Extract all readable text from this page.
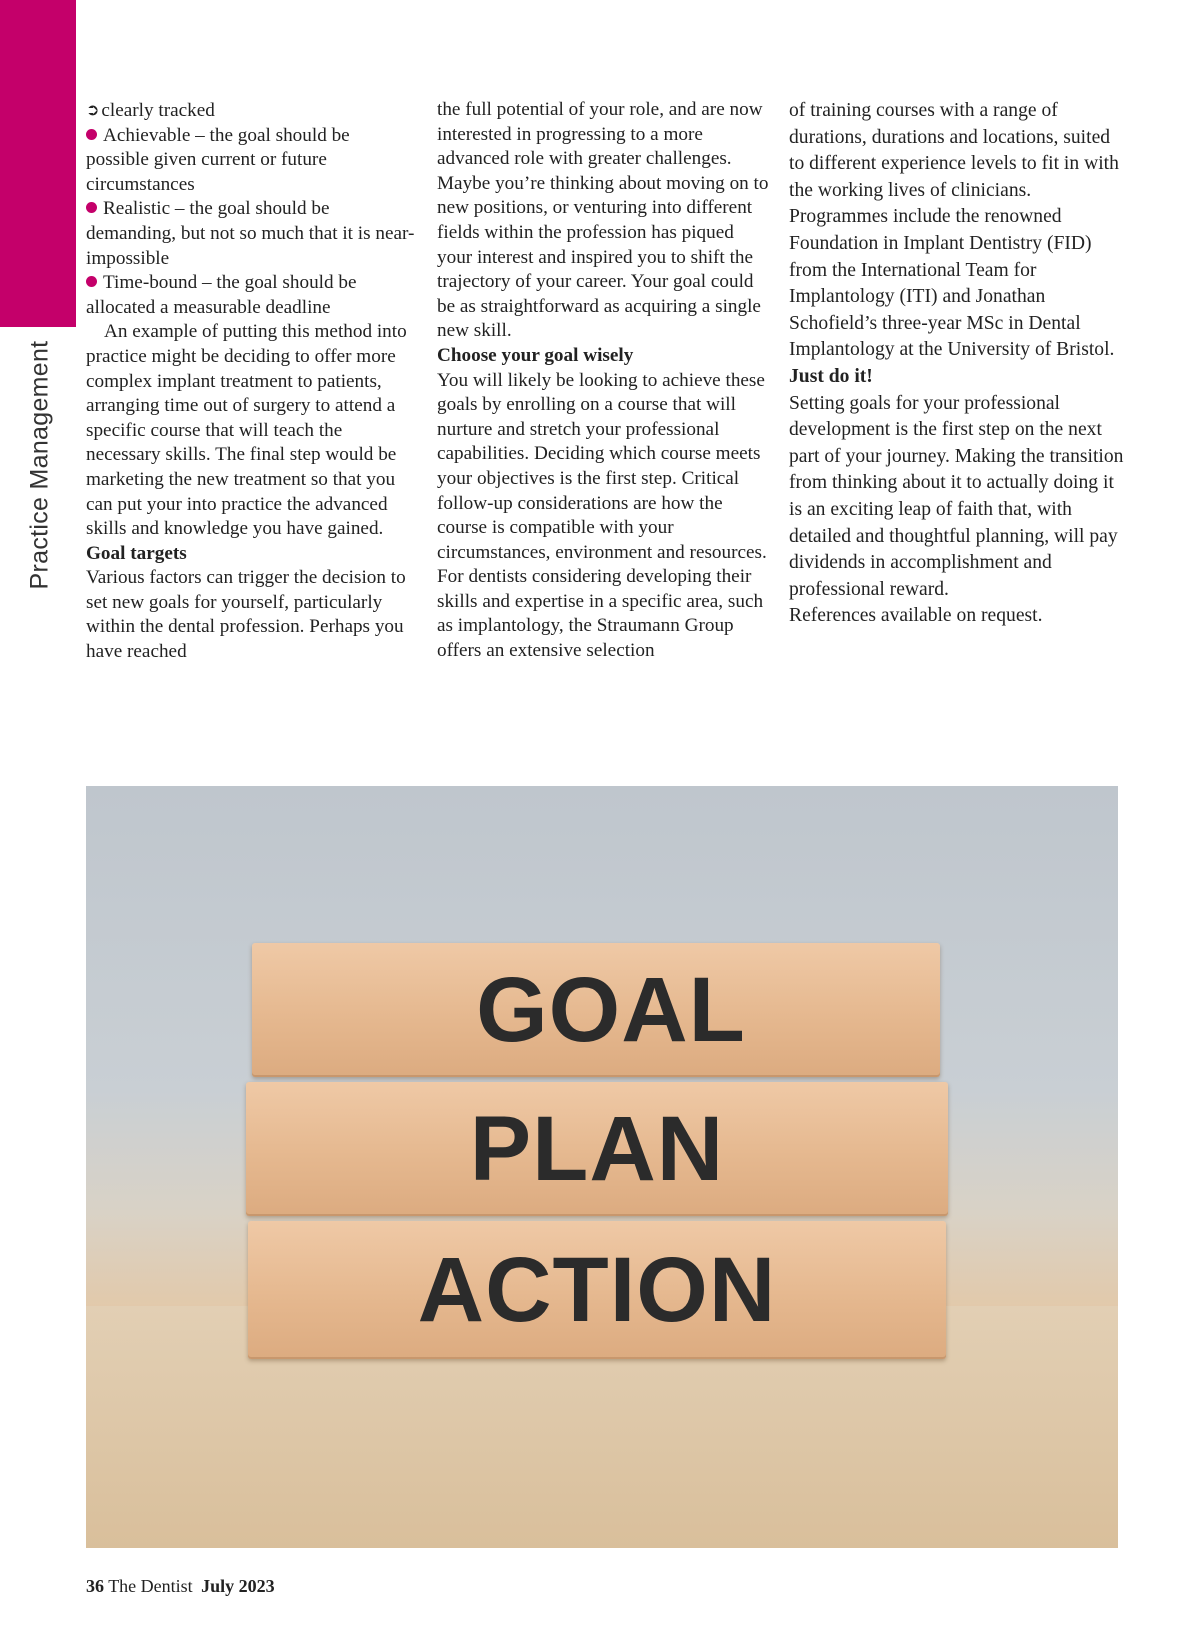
Practice Management

➲ clearly tracked

Achievable – the goal should be possible given current or future circumstances

Realistic – the goal should be demanding, but not so much that it is near-impossible

Time-bound – the goal should be allocated a measurable deadline

An example of putting this method into practice might be deciding to offer more complex implant treatment to patients, arranging time out of surgery to attend a specific course that will teach the necessary skills. The final step would be marketing the new treatment so that you can put your into practice the advanced skills and knowledge you have gained.

Goal targets

Various factors can trigger the decision to set new goals for yourself, particularly within the dental profession. Perhaps you have reached

the full potential of your role, and are now interested in progressing to a more advanced role with greater challenges. Maybe you’re thinking about moving on to new positions, or venturing into different fields within the profession has piqued your interest and inspired you to shift the trajectory of your career. Your goal could be as straightforward as acquiring a single new skill.

Choose your goal wisely

You will likely be looking to achieve these goals by enrolling on a course that will nurture and stretch your professional capabilities. Deciding which course meets your objectives is the first step. Critical follow-up considerations are how the course is compatible with your circumstances, environment and resources. For dentists considering developing their skills and expertise in a specific area, such as implantology, the Straumann Group offers an extensive selection

of training courses with a range of durations, durations and locations, suited to different experience levels to fit in with the working lives of clinicians. Programmes include the renowned Foundation in Implant Dentistry (FID) from the International Team for Implantology (ITI) and Jonathan Schofield’s three-year MSc in Dental Implantology at the University of Bristol.

Just do it!

Setting goals for your professional development is the first step on the next part of your journey. Making the transition from thinking about it to actually doing it is an exciting leap of faith that, with detailed and thoughtful planning, will pay dividends in accomplishment and professional reward.

References available on request.

GOAL
PLAN
ACTION
36 The Dentist July 2023
